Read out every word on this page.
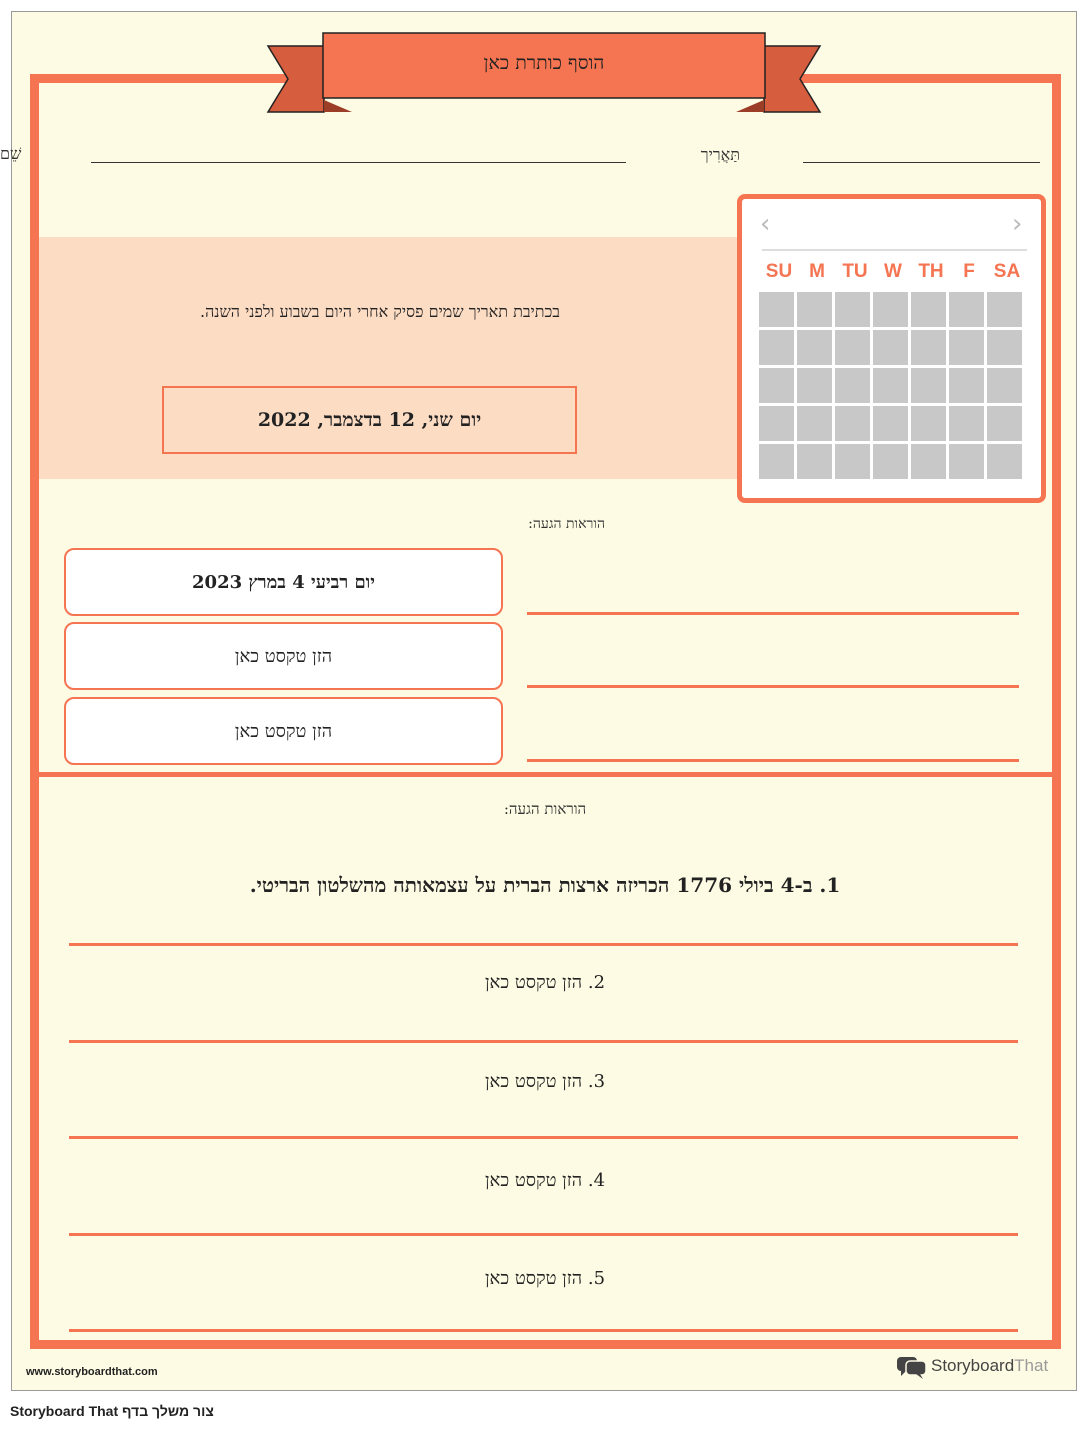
הוסף כותרת כאן
שֵׁם	תַּאֲרִיך
בכתיבת תאריך שמים פסיק אחרי היום בשבוע ולפני השנה.
יום שני, 12 בדצמבר, 2022
‹	›
SU M TU W TH	F	SA
הוראות הגעה:
יום רביעי 4 במרץ 2023
הזן טקסט כאן
הזן טקסט כאן
הוראות הגעה:
1. ב-4 ביולי 1776 הכריזה ארצות הברית על עצמאותה מהשלטון הבריטי.
2. הזן טקסט כאן
3. הזן טקסט כאן
4. הזן טקסט כאן
5. הזן טקסט כאן
www.storyboardthat.com	StoryboardThat
צור משלך בדף Storyboard That
